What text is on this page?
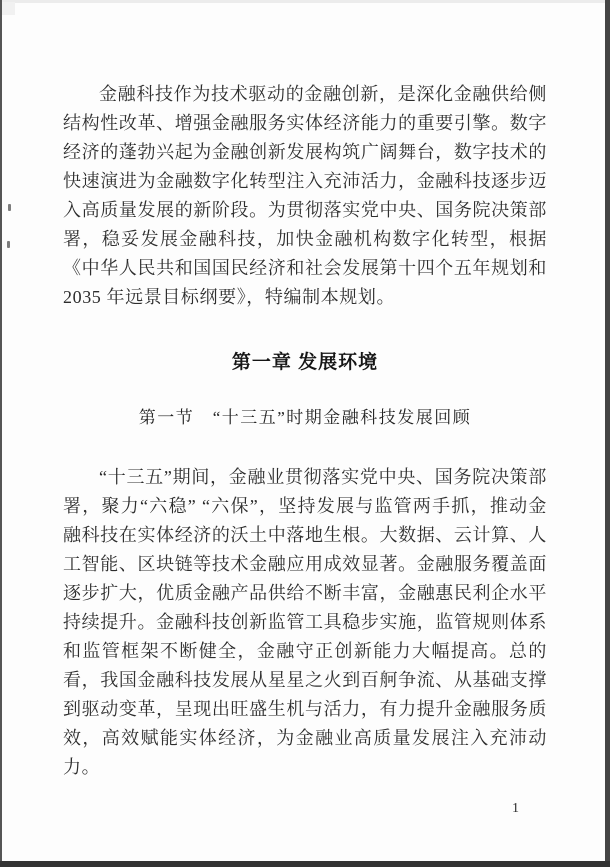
金融科技作为技术驱动的金融创新，是深化金融供给侧结构性改革、增强金融服务实体经济能力的重要引擎。数字经济的蓬勃兴起为金融创新发展构筑广阔舞台，数字技术的快速演进为金融数字化转型注入充沛活力，金融科技逐步迈入高质量发展的新阶段。为贯彻落实党中央、国务院决策部署，稳妥发展金融科技，加快金融机构数字化转型，根据《中华人民共和国国民经济和社会发展第十四个五年规划和2035 年远景目标纲要》，特编制本规划。

第一章 发展环境
第一节　“十三五”时期金融科技发展回顾

“十三五”期间，金融业贯彻落实党中央、国务院决策部署，聚力“六稳” “六保”，坚持发展与监管两手抓，推动金融科技在实体经济的沃土中落地生根。大数据、云计算、人工智能、区块链等技术金融应用成效显著。金融服务覆盖面逐步扩大，优质金融产品供给不断丰富，金融惠民利企水平持续提升。金融科技创新监管工具稳步实施，监管规则体系和监管框架不断健全，金融守正创新能力大幅提高。总的看，我国金融科技发展从星星之火到百舸争流、从基础支撑到驱动变革，呈现出旺盛生机与活力，有力提升金融服务质效，高效赋能实体经济，为金融业高质量发展注入充沛动力。

1
